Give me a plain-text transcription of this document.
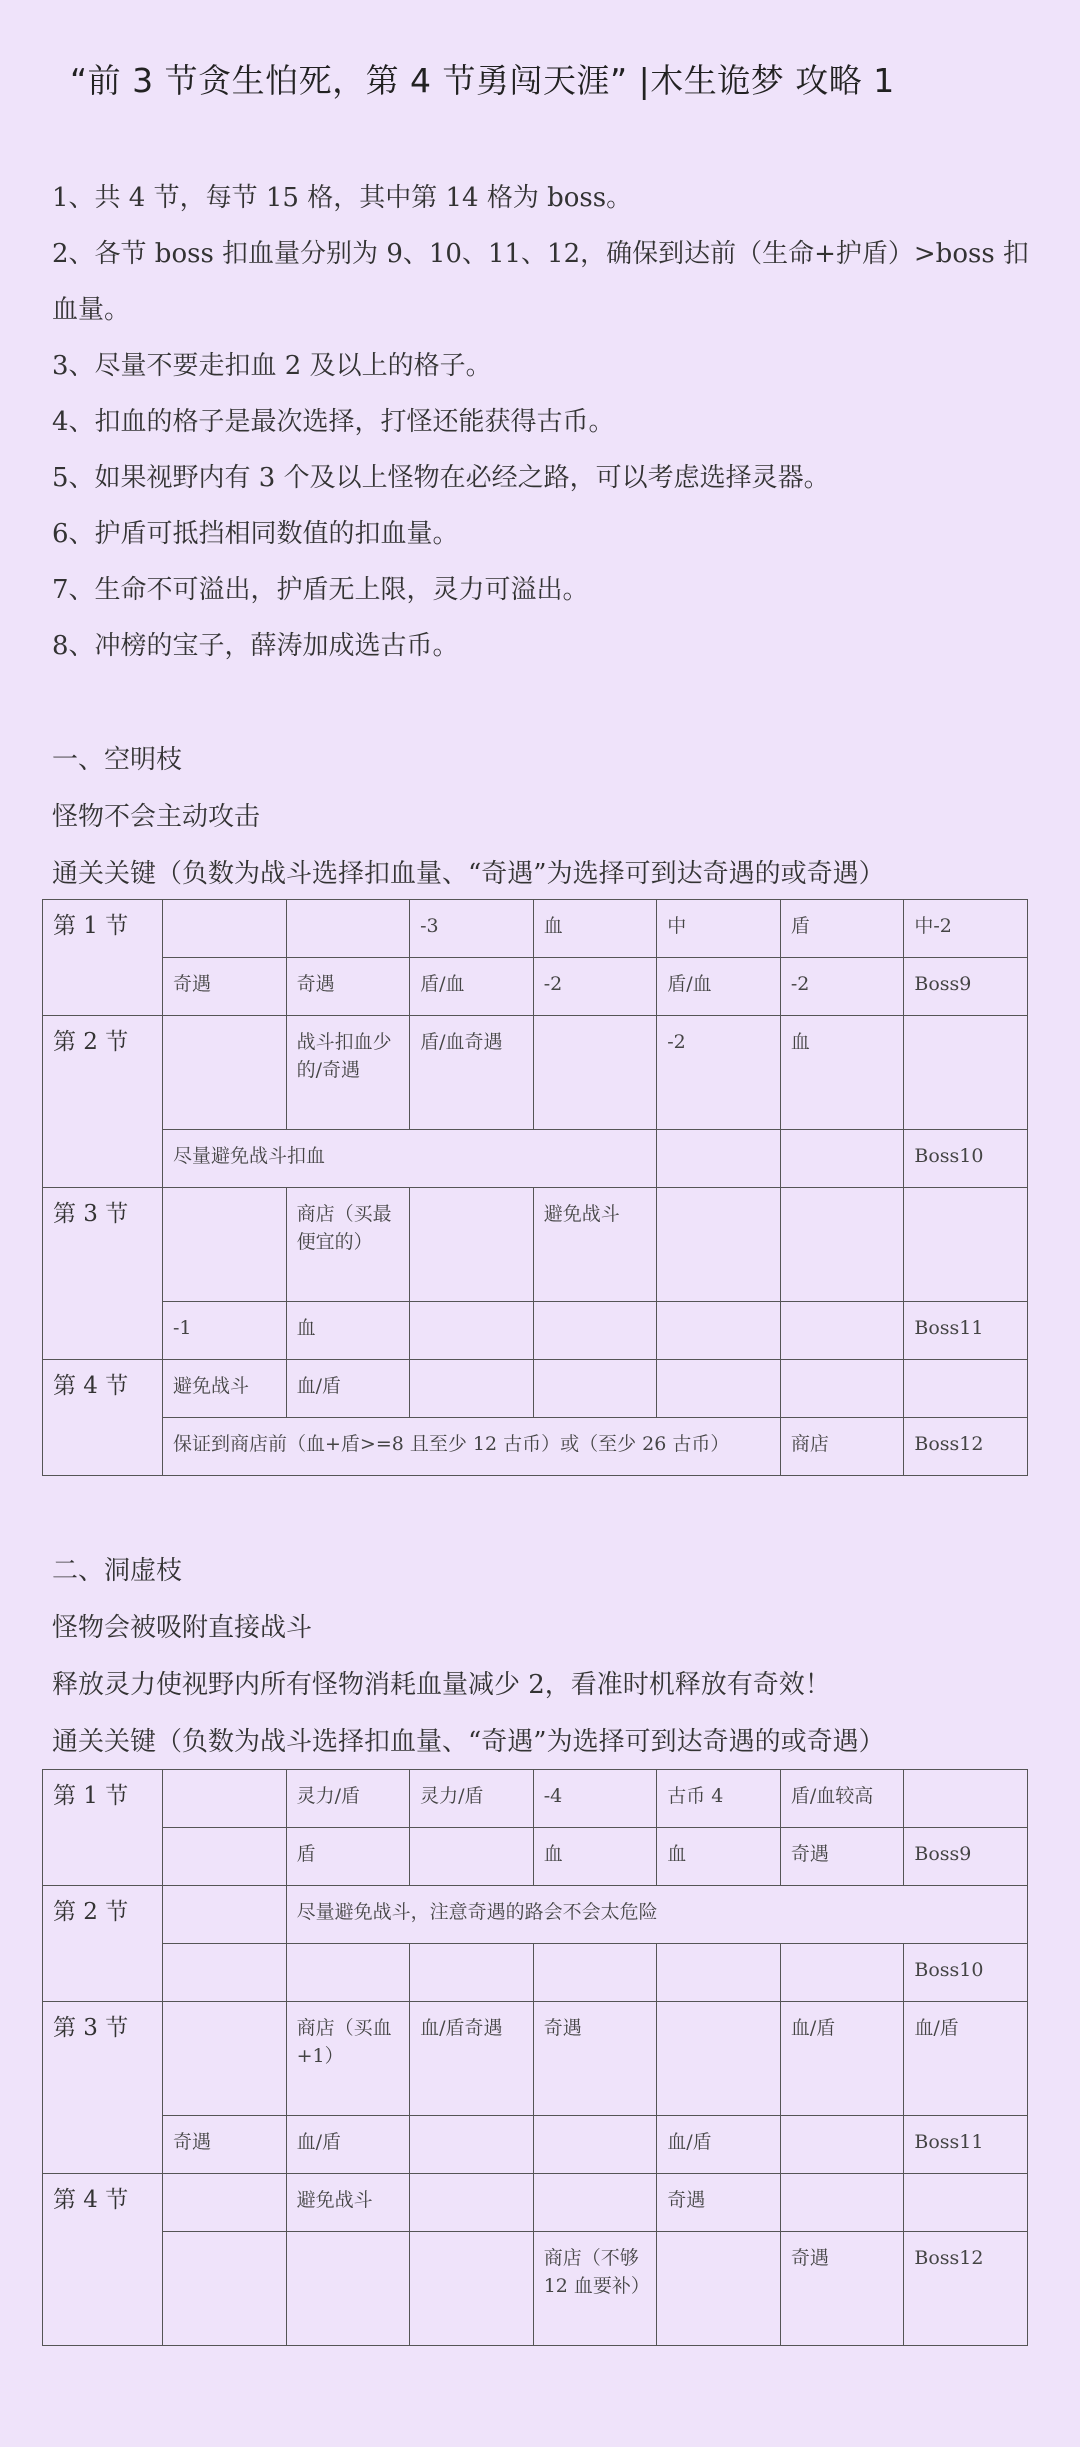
“前 3 节贪生怕死，第 4 节勇闯天涯” |木生诡梦 攻略 1

1、共 4 节，每节 15 格，其中第 14 格为 boss。

2、各节 boss 扣血量分别为 9、10、11、12，确保到达前（生命+护盾）>boss 扣血量。

3、尽量不要走扣血 2 及以上的格子。

4、扣血的格子是最次选择，打怪还能获得古币。

5、如果视野内有 3 个及以上怪物在必经之路，可以考虑选择灵器。

6、护盾可抵挡相同数值的扣血量。

7、生命不可溢出，护盾无上限，灵力可溢出。

8、冲榜的宝子，薛涛加成选古币。

一、空明枝
怪物不会主动攻击
通关关键（负数为战斗选择扣血量、“奇遇”为选择可到达奇遇的或奇遇）
第 1 节			-3	血	中	盾	中-2
	奇遇	奇遇	盾/血	-2	盾/血	-2	Boss9
第 2 节		战斗扣血少的/奇遇	盾/血奇遇		-2	血	
	尽量避免战斗扣血						Boss10
第 3 节		商店（买最便宜的）		避免战斗			
	-1	血					Boss11
第 4 节	避免战斗	血/盾					
	保证到商店前（血+盾>=8 且至少 12 古币）或（至少 26 古币）					商店	Boss12
二、洞虚枝
怪物会被吸附直接战斗
释放灵力使视野内所有怪物消耗血量减少 2，看准时机释放有奇效！
通关关键（负数为战斗选择扣血量、“奇遇”为选择可到达奇遇的或奇遇）
第 1 节		灵力/盾	灵力/盾	-4	古币 4	盾/血较高	
		盾		血	血	奇遇	Boss9
第 2 节		尽量避免战斗，注意奇遇的路会不会太危险					
							Boss10
第 3 节		商店（买血+1）	血/盾奇遇	奇遇		血/盾	血/盾
	奇遇	血/盾			血/盾		Boss11
第 4 节		避免战斗			奇遇		
				商店（不够 12 血要补）		奇遇	Boss12
